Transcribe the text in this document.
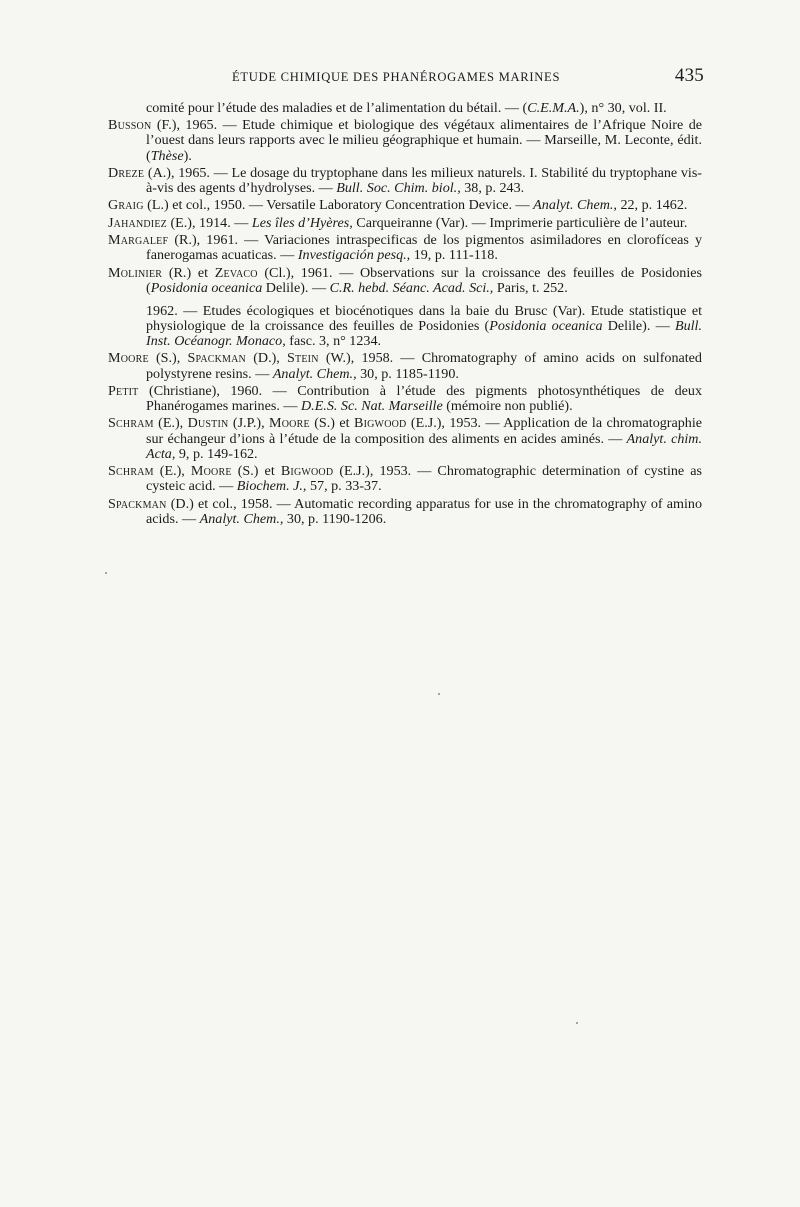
ÉTUDE CHIMIQUE DES PHANÉROGAMES MARINES	435

comité pour l’étude des maladies et de l’alimentation du bétail. — (C.E.M.A.), n° 30, vol. II.

Busson (F.), 1965. — Etude chimique et biologique des végétaux alimentaires de l’Afrique Noire de l’ouest dans leurs rapports avec le milieu géographique et humain. — Marseille, M. Leconte, édit. (Thèse).

Dreze (A.), 1965. — Le dosage du tryptophane dans les milieux naturels. I. Stabilité du tryptophane vis-à-vis des agents d’hydrolyses. — Bull. Soc. Chim. biol., 38, p. 243.

Graig (L.) et col., 1950. — Versatile Laboratory Concentration Device. — Analyt. Chem., 22, p. 1462.

Jahandiez (E.), 1914. — Les îles d’Hyères, Carqueiranne (Var). — Imprimerie particulière de l’auteur.

Margalef (R.), 1961. — Variaciones intraspecificas de los pigmentos asimiladores en clorofíceas y fanerogamas acuaticas. — Investigación pesq., 19, p. 111-118.

Molinier (R.) et Zevaco (Cl.), 1961. — Observations sur la croissance des feuilles de Posidonies (Posidonia oceanica Delile). — C.R. hebd. Séanc. Acad. Sci., Paris, t. 252.

1962. — Etudes écologiques et biocénotiques dans la baie du Brusc (Var). Etude statistique et physiologique de la croissance des feuilles de Posidonies (Posidonia oceanica Delile). — Bull. Inst. Océanogr. Monaco, fasc. 3, n° 1234.

Moore (S.), Spackman (D.), Stein (W.), 1958. — Chromatography of amino acids on sulfonated polystyrene resins. — Analyt. Chem., 30, p. 1185-1190.

Petit (Christiane), 1960. — Contribution à l’étude des pigments photosynthétiques de deux Phanérogames marines. — D.E.S. Sc. Nat. Marseille (mémoire non publié).

Schram (E.), Dustin (J.P.), Moore (S.) et Bigwood (E.J.), 1953. — Application de la chromatographie sur échangeur d’ions à l’étude de la composition des aliments en acides aminés. — Analyt. chim. Acta, 9, p. 149-162.

Schram (E.), Moore (S.) et Bigwood (E.J.), 1953. — Chromatographic determination of cystine as cysteic acid. — Biochem. J., 57, p. 33-37.

Spackman (D.) et col., 1958. — Automatic recording apparatus for use in the chromatography of amino acids. — Analyt. Chem., 30, p. 1190-1206.
